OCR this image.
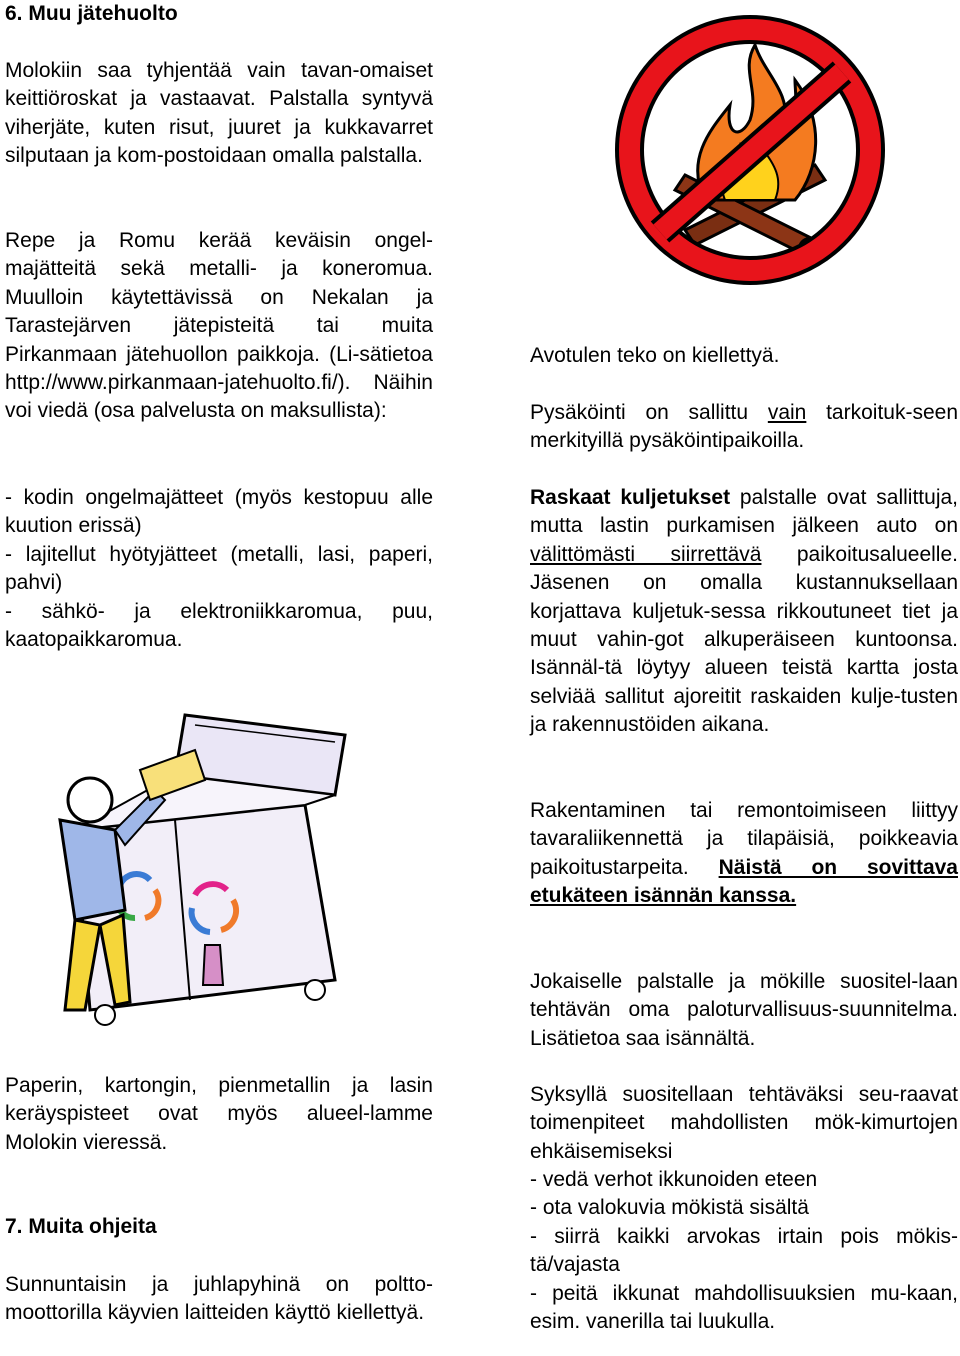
6. Muu jätehuolto

Molokiin saa tyhjentää vain tavan-omaiset keittiöroskat ja vastaavat. Palstalla syntyvä viherjäte, kuten risut, juuret ja kukkavarret silputaan ja kom-postoidaan omalla palstalla.

Repe ja Romu kerää keväisin ongel-majätteitä sekä metalli- ja koneromua. Muulloin käytettävissä on Nekalan ja Tarastejärven jätepisteitä tai muita Pirkanmaan jätehuollon paikkoja. (Li-sätietoa http://www.pirkanmaan-jatehuolto.fi/). Näihin voi viedä (osa palvelusta on maksullista):

- kodin ongelmajätteet (myös kestopuu alle kuution erissä)
- lajitellut hyötyjätteet (metalli, lasi, paperi, pahvi)
- sähkö- ja elektroniikkaromua, puu, kaatopaikkaromua.

Paperin, kartongin, pienmetallin ja lasin keräyspisteet ovat myös alueel-lamme Molokin vieressä.

7. Muita ohjeita

Sunnuntaisin ja juhlapyhinä on poltto-moottorilla käyvien laitteiden käyttö kiellettyä.

Avotulen teko on kiellettyä.

Pysäköinti on sallittu vain tarkoituk-seen merkityillä pysäköintipaikoilla.

Raskaat kuljetukset palstalle ovat sallittuja, mutta lastin purkamisen jälkeen auto on välittömästi siirrettävä paikoitusalueelle. Jäsenen on omalla kustannuksellaan korjattava kuljetuk-sessa rikkoutuneet tiet ja muut vahin-got alkuperäiseen kuntoonsa. Isännäl-tä löytyy alueen teistä kartta josta selviää sallitut ajoreitit raskaiden kulje-tusten ja rakennustöiden aikana.

Rakentaminen tai remontoimiseen liittyy tavaraliikennettä ja tilapäisiä, poikkeavia paikoitustarpeita. Näistä on sovittava etukäteen isännän kanssa.

Jokaiselle palstalle ja mökille suositel-laan tehtävän oma paloturvallisuus-suunnitelma. Lisätietoa saa isännältä.

Syksyllä suositellaan tehtäväksi seu-raavat toimenpiteet mahdollisten mök-kimurtojen ehkäisemiseksi

- vedä verhot ikkunoiden eteen
- ota valokuvia mökistä sisältä
- siirrä kaikki arvokas irtain pois mökis-tä/vajasta
- peitä ikkunat mahdollisuuksien mu-kaan, esim. vanerilla tai luukulla.
